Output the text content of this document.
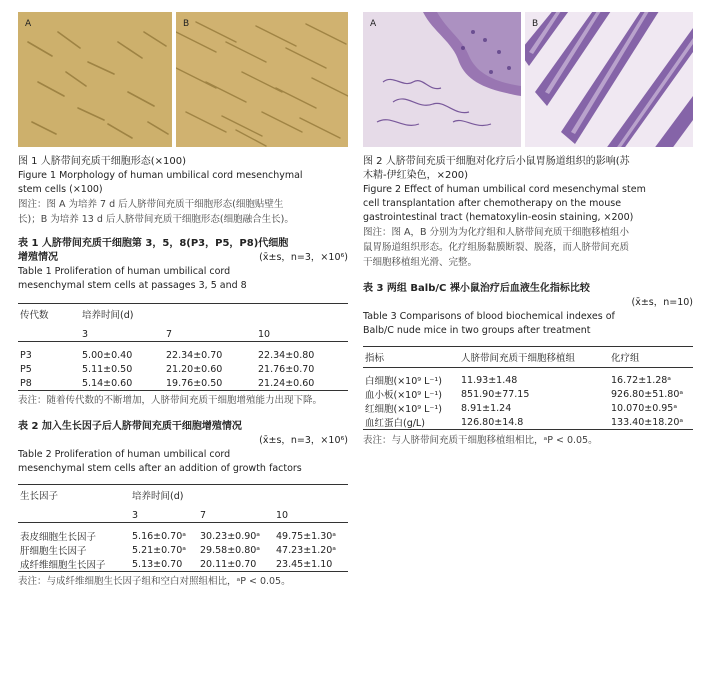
A	B
图 1 人脐带间充质干细胞形态(×100)
Figure 1 Morphology of human umbilical cord mesenchymal
stem cells (×100)
图注：图 A 为培养 7 d 后人脐带间充质干细胞形态(细胞贴壁生
长)；B 为培养 13 d 后人脐带间充质干细胞形态(细胞融合生长)。
表 1 人脐带间充质干细胞第 3，5，8(P3，P5，P8)代细胞
增殖情况	(x̄±s，n=3，×10⁶)
Table 1 Proliferation of human umbilical cord
mesenchymal stem cells at passages 3, 5 and 8
传代数	培养时间(d)		

	3	7	10

P3	5.00±0.40	22.34±0.70	22.34±0.80
P5	5.11±0.50	21.20±0.60	21.76±0.70
P8	5.14±0.60	19.76±0.50	21.24±0.60
表注：随着传代数的不断增加，人脐带间充质干细胞增殖能力出现下降。
表 2 加入生长因子后人脐带间充质干细胞增殖情况
(x̄±s，n=3，×10⁶)
Table 2 Proliferation of human umbilical cord
mesenchymal stem cells after an addition of growth factors
生长因子	培养时间(d)		

	3	7	10

表皮细胞生长因子	5.16±0.70ᵃ	30.23±0.90ᵃ	49.75±1.30ᵃ
肝细胞生长因子	5.21±0.70ᵃ	29.58±0.80ᵃ	47.23±1.20ᵃ
成纤维细胞生长因子	5.13±0.70	20.11±0.70	23.45±1.10
表注：与成纤维细胞生长因子组和空白对照组相比，ᵃP < 0.05。
A	B
图 2 人脐带间充质干细胞对化疗后小鼠胃肠道组织的影响(苏
木精-伊红染色，×200)
Figure 2 Effect of human umbilical cord mesenchymal stem
cell transplantation after chemotherapy on the mouse
gastrointestinal tract (hematoxylin-eosin staining, ×200)
图注：图 A，B 分别为为化疗组和人脐带间充质干细胞移植组小
鼠胃肠道组织形态。化疗组肠黏膜断裂、脱落，而人脐带间充质
干细胞移植组光滑、完整。
表 3 两组 Balb/C 裸小鼠治疗后血液生化指标比较
(x̄±s，n=10)
Table 3 Comparisons of blood biochemical indexes of
Balb/C nude mice in two groups after treatment
指标	人脐带间充质干细胞移植组	化疗组

白细胞(×10⁹ L⁻¹)	11.93±1.48	16.72±1.28ᵃ
血小板(×10⁹ L⁻¹)	851.90±77.15	926.80±51.80ᵃ
红细胞(×10⁹ L⁻¹)	8.91±1.24	10.070±0.95ᵃ
血红蛋白(g/L)	126.80±14.8	133.40±18.20ᵃ
表注：与人脐带间充质干细胞移植组相比，ᵃP < 0.05。
